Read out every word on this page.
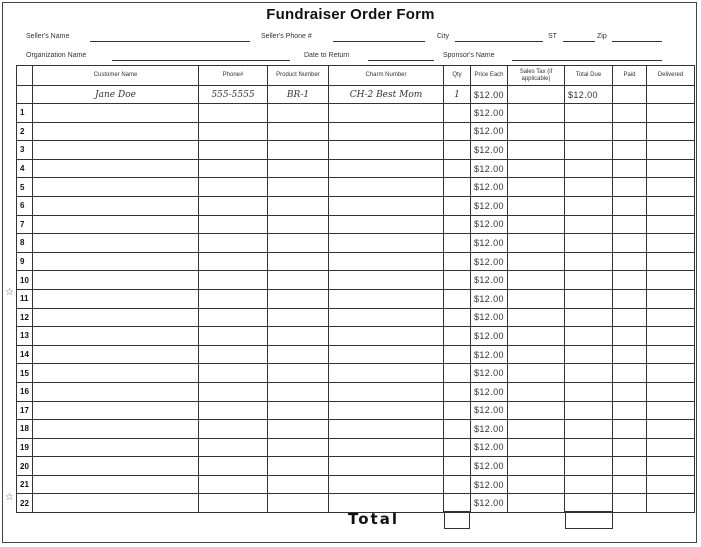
Fundraiser Order Form
Seller's Name	Seller's Phone #	City	ST	Zip
Organization Name	Date to Return	Sponsor's Name
	Customer Name	Phone#	Product Number	Charm Number	Qty	Price Each	Sales Tax (if applicable)	Total Due	Paid	Delivered
	Jane Doe	555-5555	BR-1	CH-2 Best Mom	1	$12.00		$12.00		
1						$12.00				
2						$12.00				
3						$12.00				
4						$12.00				
5						$12.00				
6						$12.00				
7						$12.00				
8						$12.00				
9						$12.00				
10						$12.00				
11						$12.00				
12						$12.00				
13						$12.00				
14						$12.00				
15						$12.00				
16						$12.00				
17						$12.00				
18						$12.00				
19						$12.00				
20						$12.00				
21						$12.00				
22						$12.00				
☆
☆
Total
